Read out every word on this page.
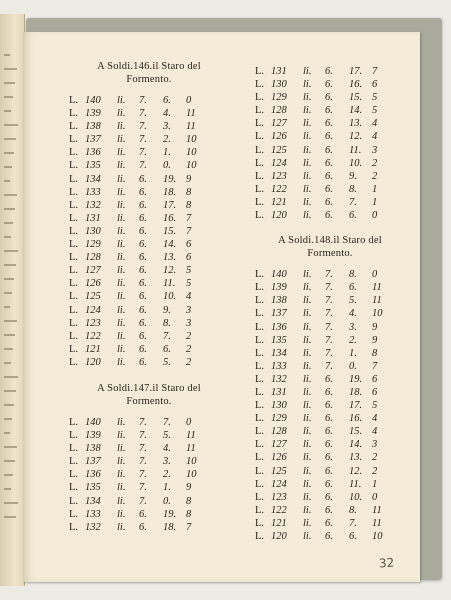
A Soldi.146.il Staro del
Formento.
L. 140 li. 7. 6. 0
L. 139 li. 7. 4. 11
L. 138 li. 7. 3. 11
L. 137 li. 7. 2. 10
L. 136 li. 7. 1. 10
L. 135 li. 7. 0. 10
L. 134 li. 6. 19. 9
L. 133 li. 6. 18. 8
L. 132 li. 6. 17. 8
L. 131 li. 6. 16. 7
L. 130 li. 6. 15. 7
L. 129 li. 6. 14. 6
L. 128 li. 6. 13. 6
L. 127 li. 6. 12. 5
L. 126 li. 6. 11. 5
L. 125 li. 6. 10. 4
L. 124 li. 6. 9. 3
L. 123 li. 6. 8. 3
L. 122 li. 6. 7. 2
L. 121 li. 6. 6. 2
L. 120 li. 6. 5. 2
A Soldi.147.il Staro del
Formento.
L. 140 li. 7. 7. 0
L. 139 li. 7. 5. 11
L. 138 li. 7. 4. 11
L. 137 li. 7. 3. 10
L. 136 li. 7. 2. 10
L. 135 li. 7. 1. 9
L. 134 li. 7. 0. 8
L. 133 li. 6. 19. 8
L. 132 li. 6. 18. 7
L. 131 li. 6. 17. 7
L. 130 li. 6. 16. 6
L. 129 li. 6. 15. 5
L. 128 li. 6. 14. 5
L. 127 li. 6. 13. 4
L. 126 li. 6. 12. 4
L. 125 li. 6. 11. 3
L. 124 li. 6. 10. 2
L. 123 li. 6. 9. 2
L. 122 li. 6. 8. 1
L. 121 li. 6. 7. 1
L. 120 li. 6. 6. 0
A Soldi.148.il Staro del
Formento.
L. 140 li. 7. 8. 0
L. 139 li. 7. 6. 11
L. 138 li. 7. 5. 11
L. 137 li. 7. 4. 10
L. 136 li. 7. 3. 9
L. 135 li. 7. 2. 9
L. 134 li. 7. 1. 8
L. 133 li. 7. 0. 7
L. 132 li. 6. 19. 6
L. 131 li. 6. 18. 6
L. 130 li. 6. 17. 5
L. 129 li. 6. 16. 4
L. 128 li. 6. 15. 4
L. 127 li. 6. 14. 3
L. 126 li. 6. 13. 2
L. 125 li. 6. 12. 2
L. 124 li. 6. 11. 1
L. 123 li. 6. 10. 0
L. 122 li. 6. 8. 11
L. 121 li. 6. 7. 11
L. 120 li. 6. 6. 10
32
